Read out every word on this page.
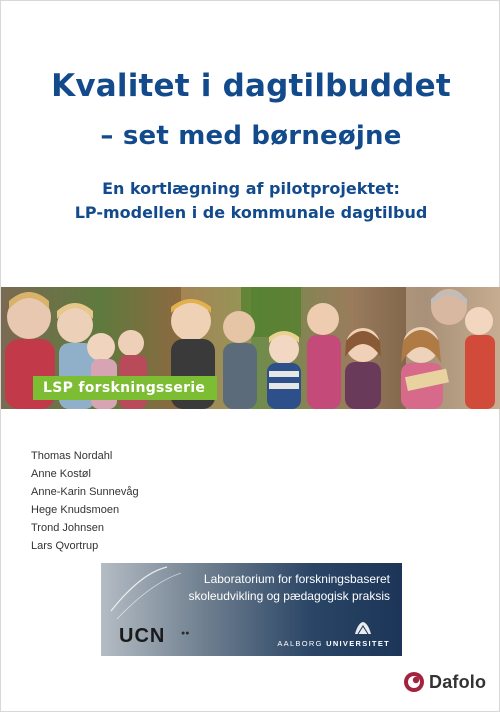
Kvalitet i dagtilbuddet
– set med børneøjne
En kortlægning af pilotprojektet:
LP-modellen i de kommunale dagtilbud
LSP forskningsserie
Thomas Nordahl
Anne Kostøl
Anne-Karin Sunnevåg
Hege Knudsmoen
Trond Johnsen
Lars Qvortrup
Laboratorium for forskningsbaseret
skoleudvikling og pædagogisk praksis
UCN ●●
AALBORG UNIVERSITET
Dafolo
